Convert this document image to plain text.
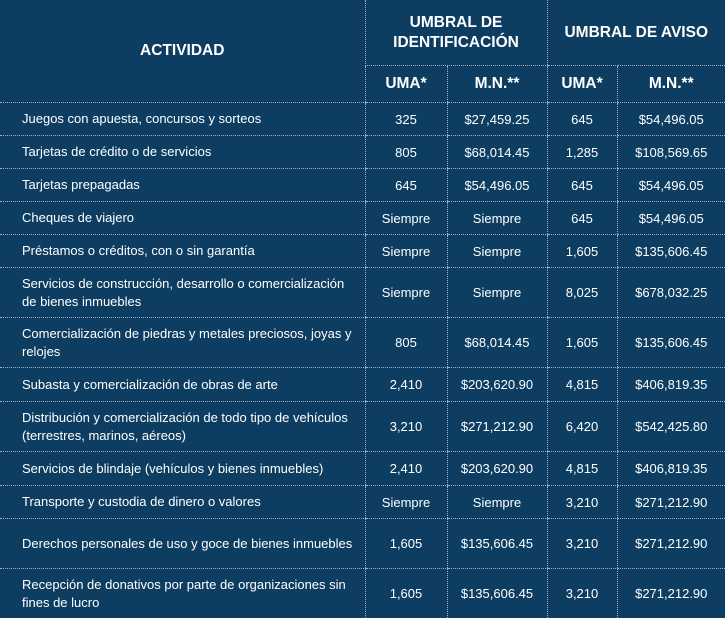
ACTIVIDAD	UMBRAL DE IDENTIFICACIÓN		UMBRAL DE AVISO	
	UMA*	M.N.**	UMA*	M.N.**
Juegos con apuesta, concursos y sorteos	325	$27,459.25	645	$54,496.05
Tarjetas de crédito o de servicios	805	$68,014.45	1,285	$108,569.65
Tarjetas prepagadas	645	$54,496.05	645	$54,496.05
Cheques de viajero	Siempre	Siempre	645	$54,496.05
Préstamos o créditos, con o sin garantía	Siempre	Siempre	1,605	$135,606.45
Servicios de construcción, desarrollo o comercialización de bienes inmuebles	Siempre	Siempre	8,025	$678,032.25
Comercialización de piedras y metales preciosos, joyas y relojes	805	$68,014.45	1,605	$135,606.45
Subasta y comercialización de obras de arte	2,410	$203,620.90	4,815	$406,819.35
Distribución y comercialización de todo tipo de vehículos (terrestres, marinos, aéreos)	3,210	$271,212.90	6,420	$542,425.80
Servicios de blindaje (vehículos y bienes inmuebles)	2,410	$203,620.90	4,815	$406,819.35
Transporte y custodia de dinero o valores	Siempre	Siempre	3,210	$271,212.90
Derechos personales de uso y goce de bienes inmuebles	1,605	$135,606.45	3,210	$271,212.90
Recepción de donativos por parte de organizaciones sin fines de lucro	1,605	$135,606.45	3,210	$271,212.90
